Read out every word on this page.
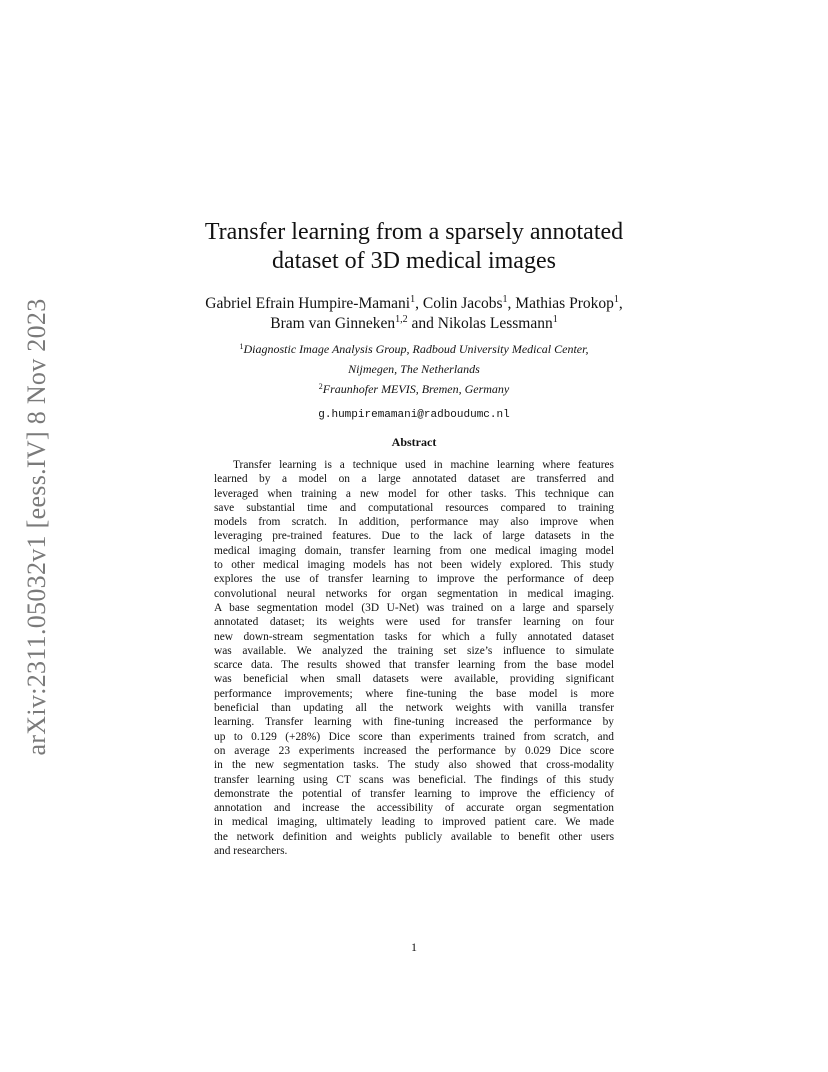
arXiv:2311.05032v1 [eess.IV] 8 Nov 2023
Transfer learning from a sparsely annotated
dataset of 3D medical images
Gabriel Efrain Humpire-Mamani$^1$, Colin Jacobs$^1$, Mathias Prokop$^1$,
Bram van Ginneken$^{1,2}$ and Nikolas Lessmann$^1$
$^1$Diagnostic Image Analysis Group, Radboud University Medical Center,
Nijmegen, The Netherlands
$^2$Fraunhofer MEVIS, Bremen, Germany
g.humpiremamani@radboudumc.nl
Abstract
Transfer learning is a technique used in machine learning where features
learned by a model on a large annotated dataset are transferred and
leveraged when training a new model for other tasks. This technique can
save substantial time and computational resources compared to training
models from scratch. In addition, performance may also improve when
leveraging pre-trained features. Due to the lack of large datasets in the
medical imaging domain, transfer learning from one medical imaging model
to other medical imaging models has not been widely explored. This study
explores the use of transfer learning to improve the performance of deep
convolutional neural networks for organ segmentation in medical imaging.
A base segmentation model (3D U-Net) was trained on a large and sparsely
annotated dataset; its weights were used for transfer learning on four
new down-stream segmentation tasks for which a fully annotated dataset
was available. We analyzed the training set size’s influence to simulate
scarce data. The results showed that transfer learning from the base model
was beneficial when small datasets were available, providing significant
performance improvements; where fine-tuning the base model is more
beneficial than updating all the network weights with vanilla transfer
learning. Transfer learning with fine-tuning increased the performance by
up to 0.129 (+28%) Dice score than experiments trained from scratch, and
on average 23 experiments increased the performance by 0.029 Dice score
in the new segmentation tasks. The study also showed that cross-modality
transfer learning using CT scans was beneficial. The findings of this study
demonstrate the potential of transfer learning to improve the efficiency of
annotation and increase the accessibility of accurate organ segmentation
in medical imaging, ultimately leading to improved patient care. We made
the network definition and weights publicly available to benefit other users
and researchers.
1
